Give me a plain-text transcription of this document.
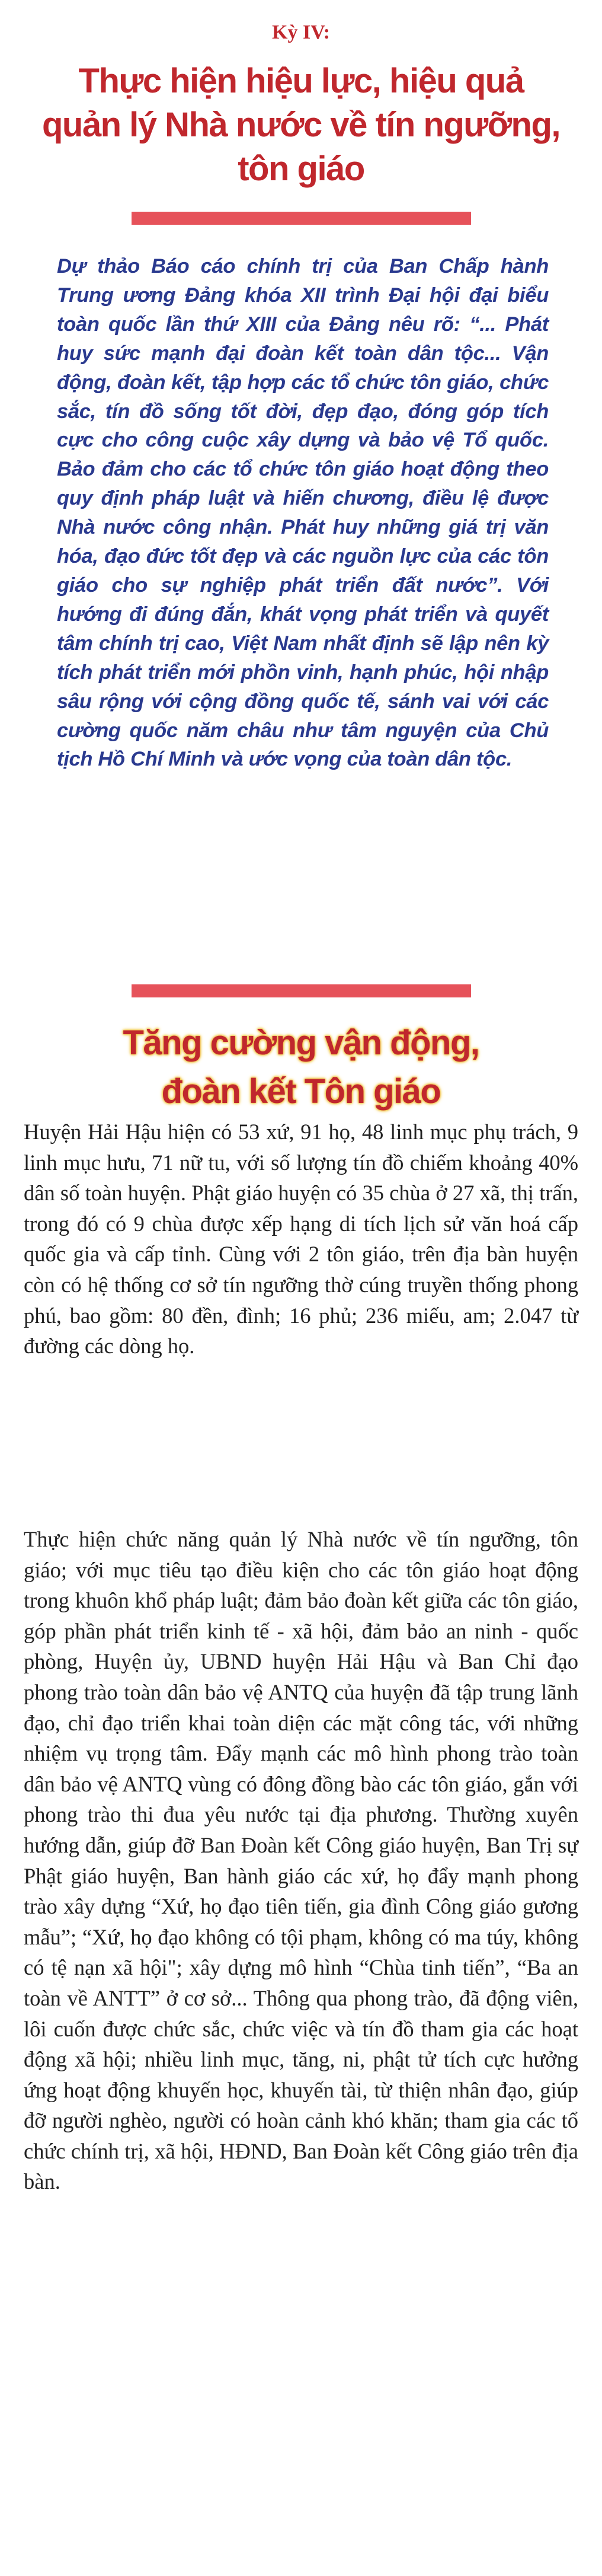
Kỳ IV:

Thực hiện hiệu lực, hiệu quả quản lý Nhà nước về tín ngưỡng, tôn giáo

Dự thảo Báo cáo chính trị của Ban Chấp hành Trung ương Đảng khóa XII trình Đại hội đại biểu toàn quốc lần thứ XIII của Đảng nêu rõ: “... Phát huy sức mạnh đại đoàn kết toàn dân tộc... Vận động, đoàn kết, tập hợp các tổ chức tôn giáo, chức sắc, tín đồ sống tốt đời, đẹp đạo, đóng góp tích cực cho công cuộc xây dựng và bảo vệ Tổ quốc. Bảo đảm cho các tổ chức tôn giáo hoạt động theo quy định pháp luật và hiến chương, điều lệ được Nhà nước công nhận. Phát huy những giá trị văn hóa, đạo đức tốt đẹp và các nguồn lực của các tôn giáo cho sự nghiệp phát triển đất nước”. Với hướng đi đúng đắn, khát vọng phát triển và quyết tâm chính trị cao, Việt Nam nhất định sẽ lập nên kỳ tích phát triển mới phồn vinh, hạnh phúc, hội nhập sâu rộng với cộng đồng quốc tế, sánh vai với các cường quốc năm châu như tâm nguyện của Chủ tịch Hồ Chí Minh và ước vọng của toàn dân tộc.

Tăng cường vận động,
đoàn kết Tôn giáo

Huyện Hải Hậu hiện có 53 xứ, 91 họ, 48 linh mục phụ trách, 9 linh mục hưu, 71 nữ tu, với số lượng tín đồ chiếm khoảng 40% dân số toàn huyện. Phật giáo huyện có 35 chùa ở 27 xã, thị trấn, trong đó có 9 chùa được xếp hạng di tích lịch sử văn hoá cấp quốc gia và cấp tỉnh. Cùng với 2 tôn giáo, trên địa bàn huyện còn có hệ thống cơ sở tín ngưỡng thờ cúng truyền thống phong phú, bao gồm: 80 đền, đình; 16 phủ; 236 miếu, am; 2.047 từ đường các dòng họ.

Thực hiện chức năng quản lý Nhà nước về tín ngưỡng, tôn giáo; với mục tiêu tạo điều kiện cho các tôn giáo hoạt động trong khuôn khổ pháp luật; đảm bảo đoàn kết giữa các tôn giáo, góp phần phát triển kinh tế - xã hội, đảm bảo an ninh - quốc phòng, Huyện ủy, UBND huyện Hải Hậu và Ban Chỉ đạo phong trào toàn dân bảo vệ ANTQ của huyện đã tập trung lãnh đạo, chỉ đạo triển khai toàn diện các mặt công tác, với những nhiệm vụ trọng tâm. Đẩy mạnh các mô hình phong trào toàn dân bảo vệ ANTQ vùng có đông đồng bào các tôn giáo, gắn với phong trào thi đua yêu nước tại địa phương. Thường xuyên hướng dẫn, giúp đỡ Ban Đoàn kết Công giáo huyện, Ban Trị sự Phật giáo huyện, Ban hành giáo các xứ, họ đẩy mạnh phong trào xây dựng “Xứ, họ đạo tiên tiến, gia đình Công giáo gương mẫu”; “Xứ, họ đạo không có tội phạm, không có ma túy, không có tệ nạn xã hội"; xây dựng mô hình “Chùa tinh tiến”, “Ba an toàn về ANTT” ở cơ sở... Thông qua phong trào, đã động viên, lôi cuốn được chức sắc, chức việc và tín đồ tham gia các hoạt động xã hội; nhiều linh mục, tăng, ni, phật tử tích cực hưởng ứng hoạt động khuyến học, khuyến tài, từ thiện nhân đạo, giúp đỡ người nghèo, người có hoàn cảnh khó khăn; tham gia các tổ chức chính trị, xã hội, HĐND, Ban Đoàn kết Công giáo trên địa bàn.
